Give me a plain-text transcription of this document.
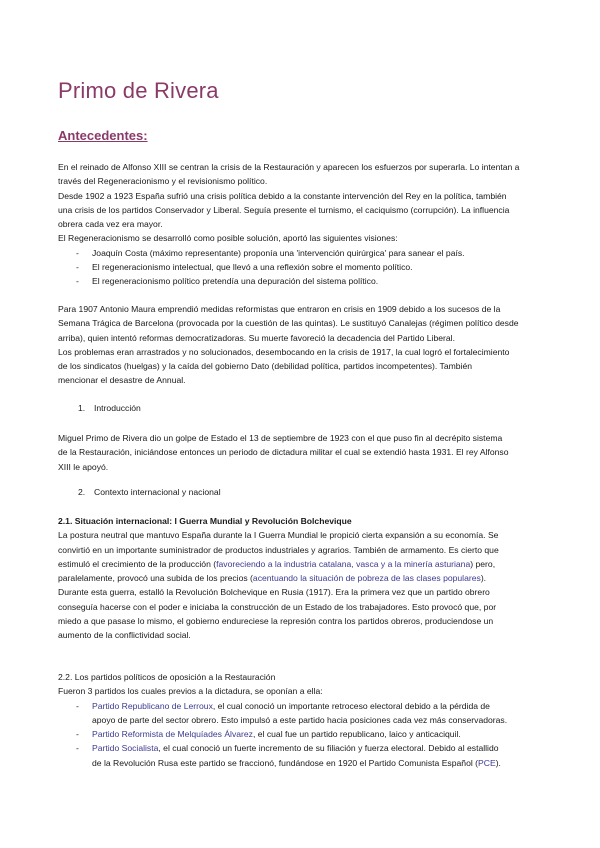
Primo de Rivera
Antecedentes:

En el reinado de Alfonso XIII se centran la crisis de la Restauración y aparecen los esfuerzos por superarla. Lo intentan a

través del Regeneracionismo y el revisionismo político.

Desde 1902 a 1923 España sufrió una crisis política debido a la constante intervención del Rey en la política, también

una crisis de los partidos Conservador y Liberal. Seguía presente el turnismo, el caciquismo (corrupción). La influencia

obrera cada vez era mayor.

El Regeneracionismo se desarrolló como posible solución, aportó las siguientes visiones:

- Joaquín Costa (máximo representante) proponía una 'intervención quirúrgica' para sanear el país.
- El regeneracionismo intelectual, que llevó a una reflexión sobre el momento político.
- El regeneracionismo político pretendía una depuración del sistema político.

Para 1907 Antonio Maura emprendió medidas reformistas que entraron en crisis en 1909 debido a los sucesos de la

Semana Trágica de Barcelona (provocada por la cuestión de las quintas). Le sustituyó Canalejas (régimen político desde

arriba), quien intentó reformas democratizadoras. Su muerte favoreció la decadencia del Partido Liberal.

Los problemas eran arrastrados y no solucionados, desembocando en la crisis de 1917, la cual logró el fortalecimiento

de los sindicatos (huelgas) y la caída del gobierno Dato (debilidad política, partidos incompetentes). También

mencionar el desastre de Annual.

1. Introducción

Miguel Primo de Rivera dio un golpe de Estado el 13 de septiembre de 1923 con el que puso fin al decrépito sistema

de la Restauración, iniciándose entonces un periodo de dictadura militar el cual se extendió hasta 1931. El rey Alfonso

XIII le apoyó.

2. Contexto internacional y nacional

2.1. Situación internacional: I Guerra Mundial y Revolución Bolchevique

La postura neutral que mantuvo España durante la I Guerra Mundial le propició cierta expansión a su economía. Se

convirtió en un importante suministrador de productos industriales y agrarios. También de armamento. Es cierto que

estimuló el crecimiento de la producción (favoreciendo a la industria catalana, vasca y a la minería asturiana) pero,

paralelamente, provocó una subida de los precios (acentuando la situación de pobreza de las clases populares).

Durante esta guerra, estalló la Revolución Bolchevique en Rusia (1917). Era la primera vez que un partido obrero

conseguía hacerse con el poder e iniciaba la construcción de un Estado de los trabajadores. Esto provocó que, por

miedo a que pasase lo mismo, el gobierno endureciese la represión contra los partidos obreros, produciendose un

aumento de la conflictividad social.

2.2. Los partidos políticos de oposición a la Restauración

Fueron 3 partidos los cuales previos a la dictadura, se oponían a ella:

- Partido Republicano de Lerroux, el cual conoció un importante retroceso electoral debido a la pérdida de
apoyo de parte del sector obrero. Esto impulsó a este partido hacia posiciones cada vez más conservadoras.
- Partido Reformista de Melquíades Álvarez, el cual fue un partido republicano, laico y anticaciquil.
- Partido Socialista, el cual conoció un fuerte incremento de su filiación y fuerza electoral. Debido al estallido
de la Revolución Rusa este partido se fraccionó, fundándose en 1920 el Partido Comunista Español (PCE).
